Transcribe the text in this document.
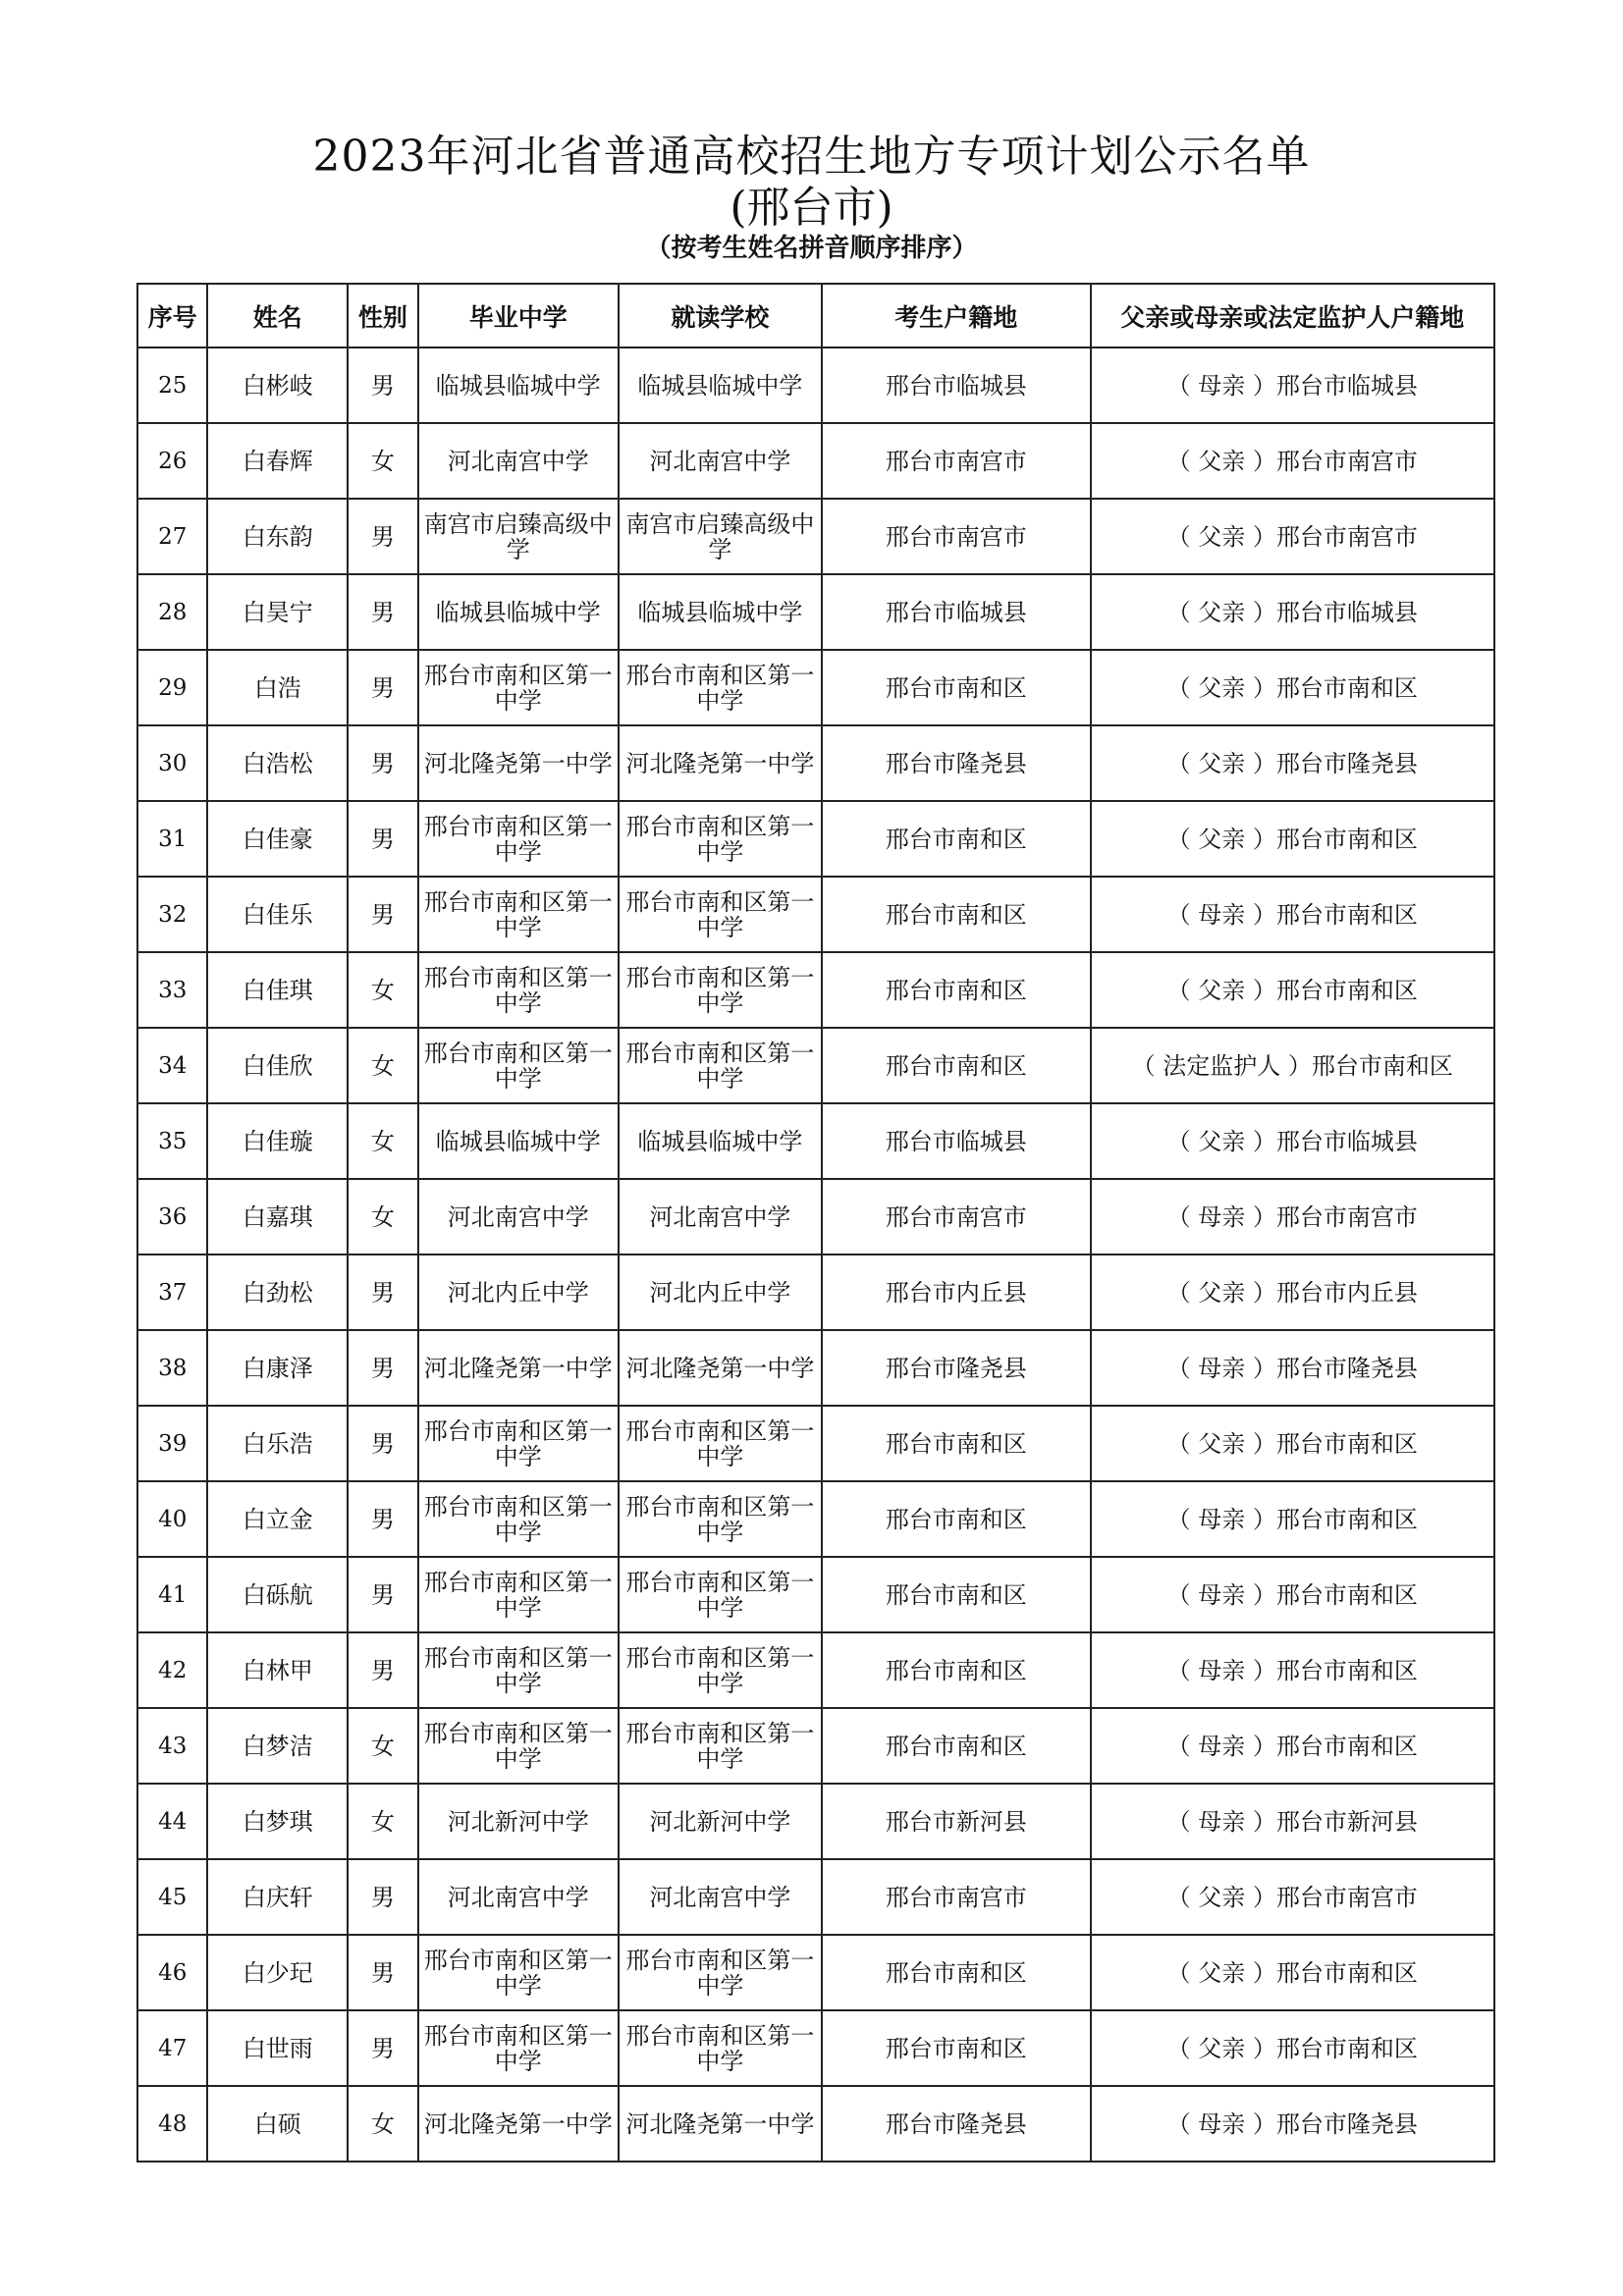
2023年河北省普通高校招生地方专项计划公示名单
(邢台市)
（按考生姓名拼音顺序排序）
序号	姓名	性别	毕业中学	就读学校	考生户籍地	父亲或母亲或法定监护人户籍地
25	白彬岐	男	临城县临城中学	临城县临城中学	邢台市临城县	（ 母亲 ）邢台市临城县
26	白春辉	女	河北南宫中学	河北南宫中学	邢台市南宫市	（ 父亲 ）邢台市南宫市
27	白东韵	男	南宫市启臻高级中学	南宫市启臻高级中学	邢台市南宫市	（ 父亲 ）邢台市南宫市
28	白昊宁	男	临城县临城中学	临城县临城中学	邢台市临城县	（ 父亲 ）邢台市临城县
29	白浩	男	邢台市南和区第一中学	邢台市南和区第一中学	邢台市南和区	（ 父亲 ）邢台市南和区
30	白浩松	男	河北隆尧第一中学	河北隆尧第一中学	邢台市隆尧县	（ 父亲 ）邢台市隆尧县
31	白佳豪	男	邢台市南和区第一中学	邢台市南和区第一中学	邢台市南和区	（ 父亲 ）邢台市南和区
32	白佳乐	男	邢台市南和区第一中学	邢台市南和区第一中学	邢台市南和区	（ 母亲 ）邢台市南和区
33	白佳琪	女	邢台市南和区第一中学	邢台市南和区第一中学	邢台市南和区	（ 父亲 ）邢台市南和区
34	白佳欣	女	邢台市南和区第一中学	邢台市南和区第一中学	邢台市南和区	（ 法定监护人 ）邢台市南和区
35	白佳璇	女	临城县临城中学	临城县临城中学	邢台市临城县	（ 父亲 ）邢台市临城县
36	白嘉琪	女	河北南宫中学	河北南宫中学	邢台市南宫市	（ 母亲 ）邢台市南宫市
37	白劲松	男	河北内丘中学	河北内丘中学	邢台市内丘县	（ 父亲 ）邢台市内丘县
38	白康泽	男	河北隆尧第一中学	河北隆尧第一中学	邢台市隆尧县	（ 母亲 ）邢台市隆尧县
39	白乐浩	男	邢台市南和区第一中学	邢台市南和区第一中学	邢台市南和区	（ 父亲 ）邢台市南和区
40	白立金	男	邢台市南和区第一中学	邢台市南和区第一中学	邢台市南和区	（ 母亲 ）邢台市南和区
41	白砾航	男	邢台市南和区第一中学	邢台市南和区第一中学	邢台市南和区	（ 母亲 ）邢台市南和区
42	白林甲	男	邢台市南和区第一中学	邢台市南和区第一中学	邢台市南和区	（ 母亲 ）邢台市南和区
43	白梦洁	女	邢台市南和区第一中学	邢台市南和区第一中学	邢台市南和区	（ 母亲 ）邢台市南和区
44	白梦琪	女	河北新河中学	河北新河中学	邢台市新河县	（ 母亲 ）邢台市新河县
45	白庆轩	男	河北南宫中学	河北南宫中学	邢台市南宫市	（ 父亲 ）邢台市南宫市
46	白少玘	男	邢台市南和区第一中学	邢台市南和区第一中学	邢台市南和区	（ 父亲 ）邢台市南和区
47	白世雨	男	邢台市南和区第一中学	邢台市南和区第一中学	邢台市南和区	（ 父亲 ）邢台市南和区
48	白硕	女	河北隆尧第一中学	河北隆尧第一中学	邢台市隆尧县	（ 母亲 ）邢台市隆尧县
